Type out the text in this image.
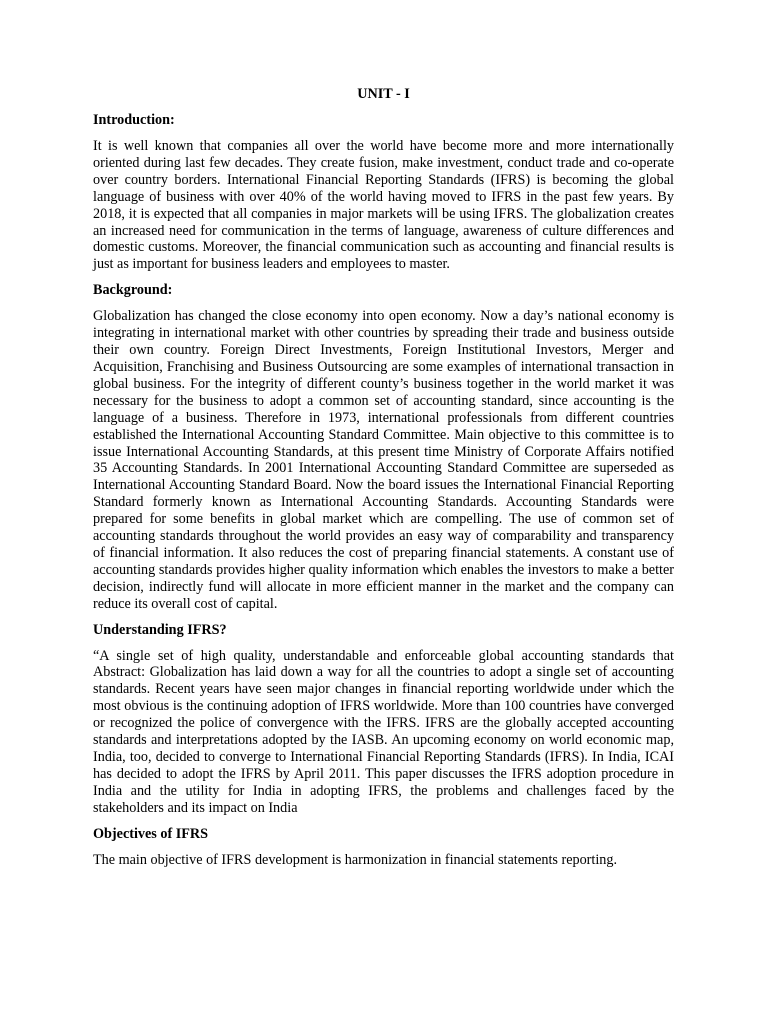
UNIT - I
Introduction:
It is well known that companies all over the world have become more and more internationally oriented during last few decades. They create fusion, make investment, conduct trade and co-operate over country borders. International Financial Reporting Standards (IFRS) is becoming the global language of business with over 40% of the world having moved to IFRS in the past few years. By 2018, it is expected that all companies in major markets will be using IFRS. The globalization creates an increased need for communication in the terms of language, awareness of culture differences and domestic customs. Moreover, the financial communication such as accounting and financial results is just as important for business leaders and employees to master.
Background:
Globalization has changed the close economy into open economy. Now a day’s national economy is integrating in international market with other countries by spreading their trade and business outside their own country. Foreign Direct Investments, Foreign Institutional Investors, Merger and Acquisition, Franchising and Business Outsourcing are some examples of international transaction in global business. For the integrity of different county’s business together in the world market it was necessary for the business to adopt a common set of accounting standard, since accounting is the language of a business. Therefore in 1973, international professionals from different countries established the International Accounting Standard Committee. Main objective to this committee is to issue International Accounting Standards, at this present time Ministry of Corporate Affairs notified 35 Accounting Standards. In 2001 International Accounting Standard Committee are superseded as International Accounting Standard Board. Now the board issues the International Financial Reporting Standard formerly known as International Accounting Standards. Accounting Standards were prepared for some benefits in global market which are compelling. The use of common set of accounting standards throughout the world provides an easy way of comparability and transparency of financial information. It also reduces the cost of preparing financial statements. A constant use of accounting standards provides higher quality information which enables the investors to make a better decision, indirectly fund will allocate in more efficient manner in the market and the company can reduce its overall cost of capital.
Understanding IFRS?
“A single set of high quality, understandable and enforceable global accounting standards that Abstract: Globalization has laid down a way for all the countries to adopt a single set of accounting standards. Recent years have seen major changes in financial reporting worldwide under which the most obvious is the continuing adoption of IFRS worldwide. More than 100 countries have converged or recognized the police of convergence with the IFRS. IFRS are the globally accepted accounting standards and interpretations adopted by the IASB. An upcoming economy on world economic map, India, too, decided to converge to International Financial Reporting Standards (IFRS). In India, ICAI has decided to adopt the IFRS by April 2011. This paper discusses the IFRS adoption procedure in India and the utility for India in adopting IFRS, the problems and challenges faced by the stakeholders and its impact on India
Objectives of IFRS
The main objective of IFRS development is harmonization in financial statements reporting.
